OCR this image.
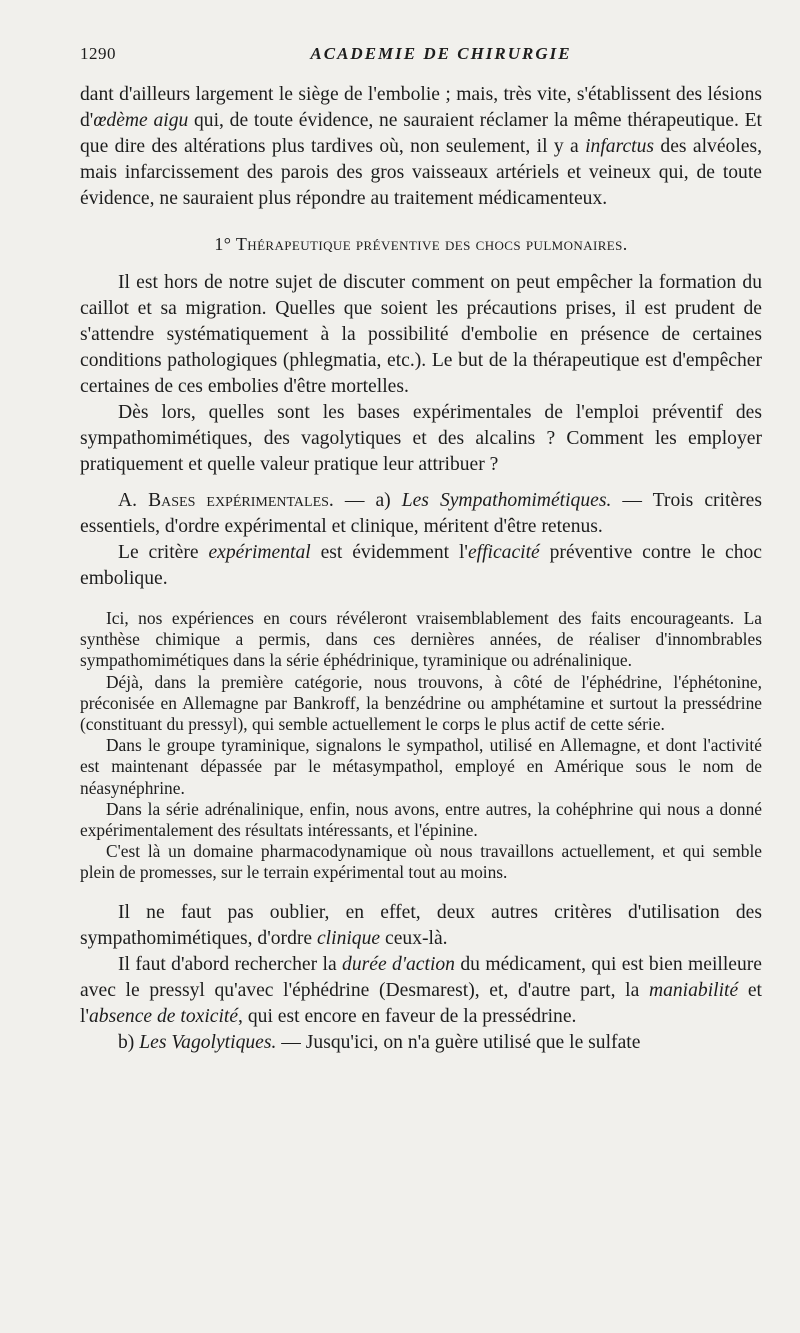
1290	ACADEMIE DE CHIRURGIE

dant d'ailleurs largement le siège de l'embolie ; mais, très vite, s'établissent des lésions d'œdème aigu qui, de toute évidence, ne sauraient réclamer la même thérapeutique. Et que dire des altérations plus tardives où, non seulement, il y a infarctus des alvéoles, mais infarcissement des parois des gros vaisseaux artériels et veineux qui, de toute évidence, ne sauraient plus répondre au traitement médicamenteux.

1° Thérapeutique préventive des chocs pulmonaires.

Il est hors de notre sujet de discuter comment on peut empêcher la formation du caillot et sa migration. Quelles que soient les précautions prises, il est prudent de s'attendre systématiquement à la possibilité d'embolie en présence de certaines conditions pathologiques (phlegmatia, etc.). Le but de la thérapeutique est d'empêcher certaines de ces embolies d'être mortelles.

Dès lors, quelles sont les bases expérimentales de l'emploi préventif des sympathomimétiques, des vagolytiques et des alcalins ? Comment les employer pratiquement et quelle valeur pratique leur attribuer ?

A. Bases expérimentales. — a) Les Sympathomimétiques. — Trois critères essentiels, d'ordre expérimental et clinique, méritent d'être retenus.

Le critère expérimental est évidemment l'efficacité préventive contre le choc embolique.

Ici, nos expériences en cours révéleront vraisemblablement des faits encourageants. La synthèse chimique a permis, dans ces dernières années, de réaliser d'innombrables sympathomimétiques dans la série éphédrinique, tyraminique ou adrénalinique.

Déjà, dans la première catégorie, nous trouvons, à côté de l'éphédrine, l'éphétonine, préconisée en Allemagne par Bankroff, la benzédrine ou amphétamine et surtout la pressédrine (constituant du pressyl), qui semble actuellement le corps le plus actif de cette série.

Dans le groupe tyraminique, signalons le sympathol, utilisé en Allemagne, et dont l'activité est maintenant dépassée par le métasympathol, employé en Amérique sous le nom de néasynéphrine.

Dans la série adrénalinique, enfin, nous avons, entre autres, la cohéphrine qui nous a donné expérimentalement des résultats intéressants, et l'épinine.

C'est là un domaine pharmacodynamique où nous travaillons actuellement, et qui semble plein de promesses, sur le terrain expérimental tout au moins.

Il ne faut pas oublier, en effet, deux autres critères d'utilisation des sympathomimétiques, d'ordre clinique ceux-là.

Il faut d'abord rechercher la durée d'action du médicament, qui est bien meilleure avec le pressyl qu'avec l'éphédrine (Desmarest), et, d'autre part, la maniabilité et l'absence de toxicité, qui est encore en faveur de la pressédrine.

b) Les Vagolytiques. — Jusqu'ici, on n'a guère utilisé que le sulfate
